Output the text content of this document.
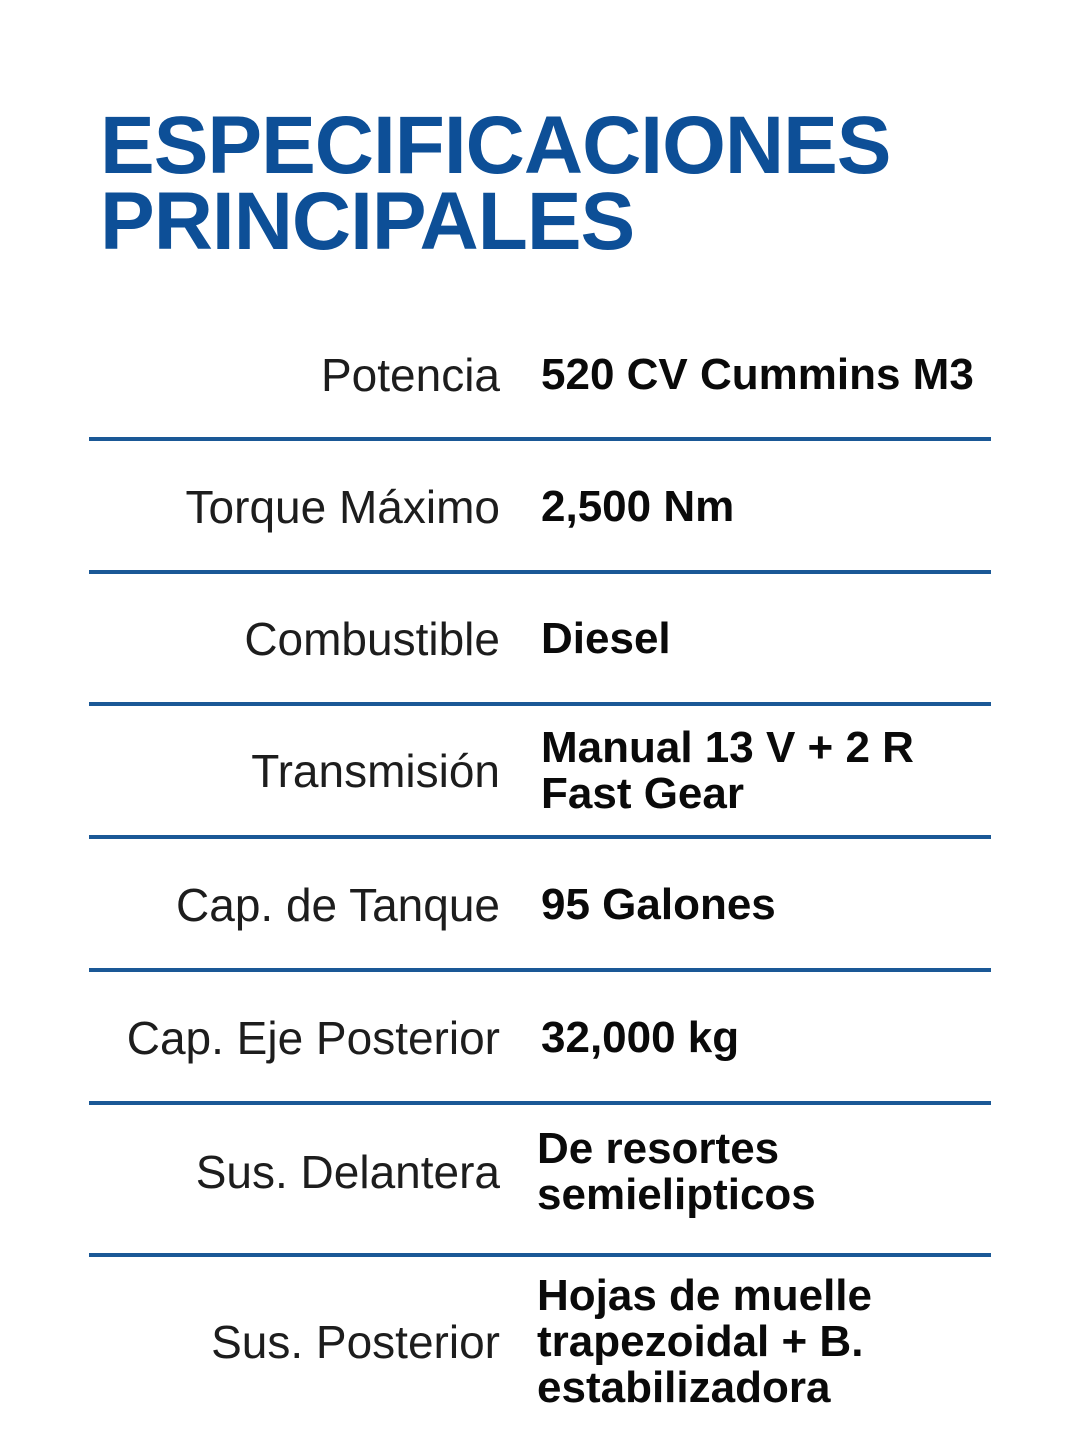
ESPECIFICACIONES
PRINCIPALES
Potencia 520 CV Cummins M3
Torque Máximo 2,500 Nm
Combustible Diesel
Transmisión Manual 13 V + 2 R
Fast Gear
Cap. de Tanque 95 Galones
Cap. Eje Posterior 32,000 kg
Sus. Delantera De resortes
semielipticos
Sus. Posterior
Hojas de muelle
trapezoidal + B.
estabilizadora
